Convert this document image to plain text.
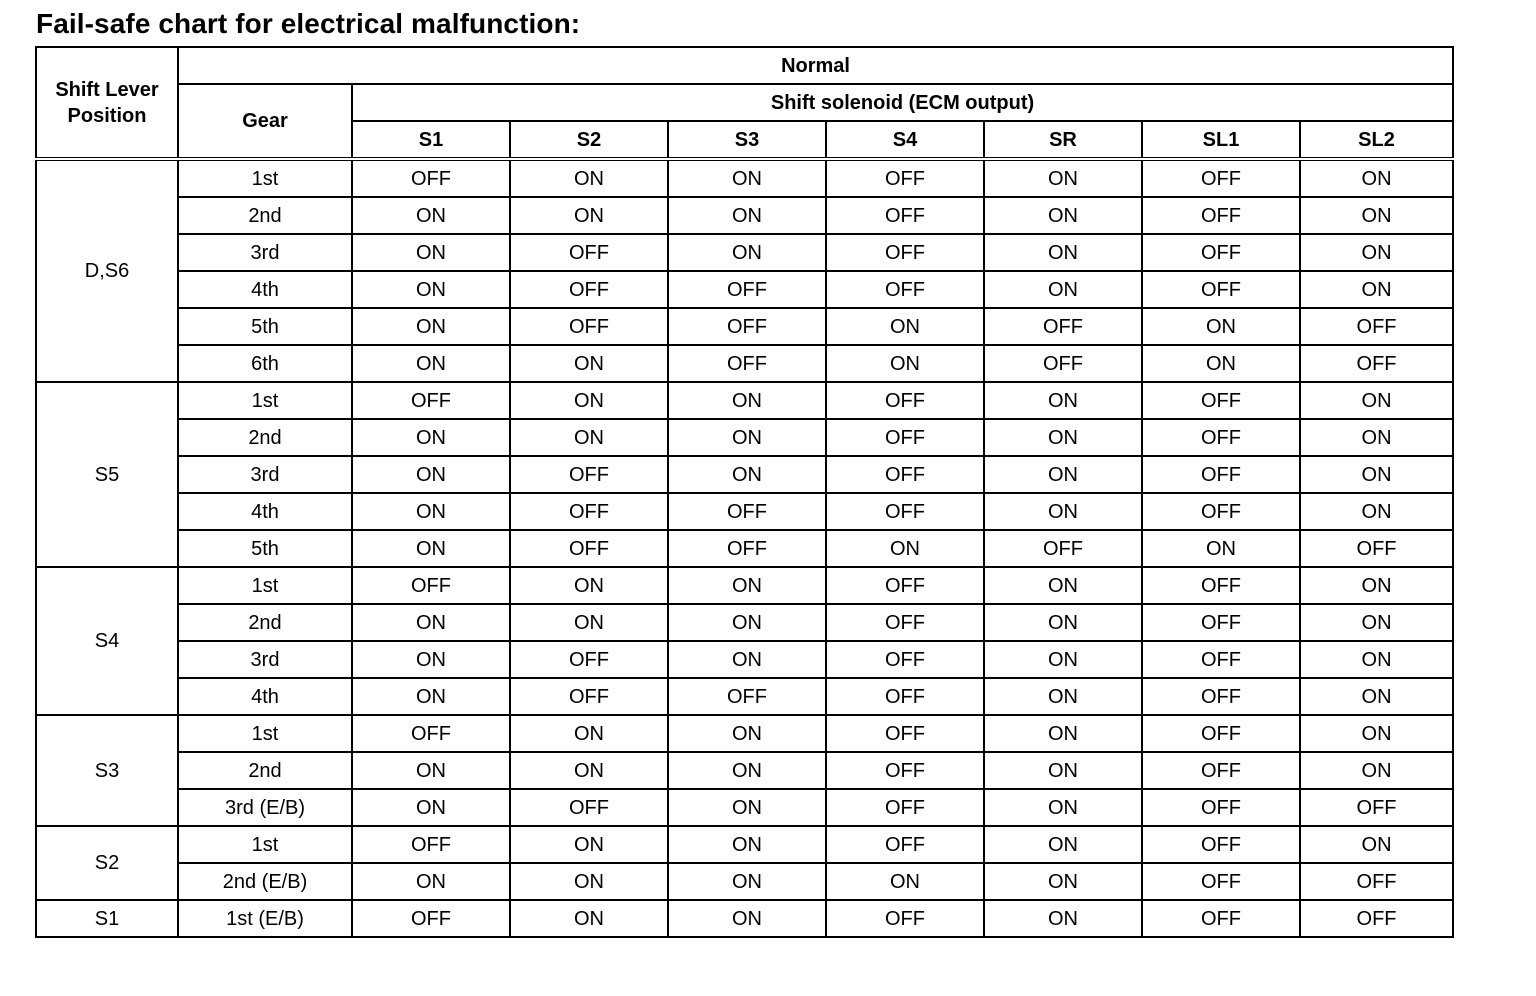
Fail-safe chart for electrical malfunction:
Shift Lever Position	Normal							
	Gear	Shift solenoid (ECM output)						
		S1	S2	S3	S4	SR	SL1	SL2
D,S6	1st	OFF	ON	ON	OFF	ON	OFF	ON
	2nd	ON	ON	ON	OFF	ON	OFF	ON
	3rd	ON	OFF	ON	OFF	ON	OFF	ON
	4th	ON	OFF	OFF	OFF	ON	OFF	ON
	5th	ON	OFF	OFF	ON	OFF	ON	OFF
	6th	ON	ON	OFF	ON	OFF	ON	OFF
S5	1st	OFF	ON	ON	OFF	ON	OFF	ON
	2nd	ON	ON	ON	OFF	ON	OFF	ON
	3rd	ON	OFF	ON	OFF	ON	OFF	ON
	4th	ON	OFF	OFF	OFF	ON	OFF	ON
	5th	ON	OFF	OFF	ON	OFF	ON	OFF
S4	1st	OFF	ON	ON	OFF	ON	OFF	ON
	2nd	ON	ON	ON	OFF	ON	OFF	ON
	3rd	ON	OFF	ON	OFF	ON	OFF	ON
	4th	ON	OFF	OFF	OFF	ON	OFF	ON
S3	1st	OFF	ON	ON	OFF	ON	OFF	ON
	2nd	ON	ON	ON	OFF	ON	OFF	ON
	3rd (E/B)	ON	OFF	ON	OFF	ON	OFF	OFF
S2	1st	OFF	ON	ON	OFF	ON	OFF	ON
	2nd (E/B)	ON	ON	ON	ON	ON	OFF	OFF
S1	1st (E/B)	OFF	ON	ON	OFF	ON	OFF	OFF
